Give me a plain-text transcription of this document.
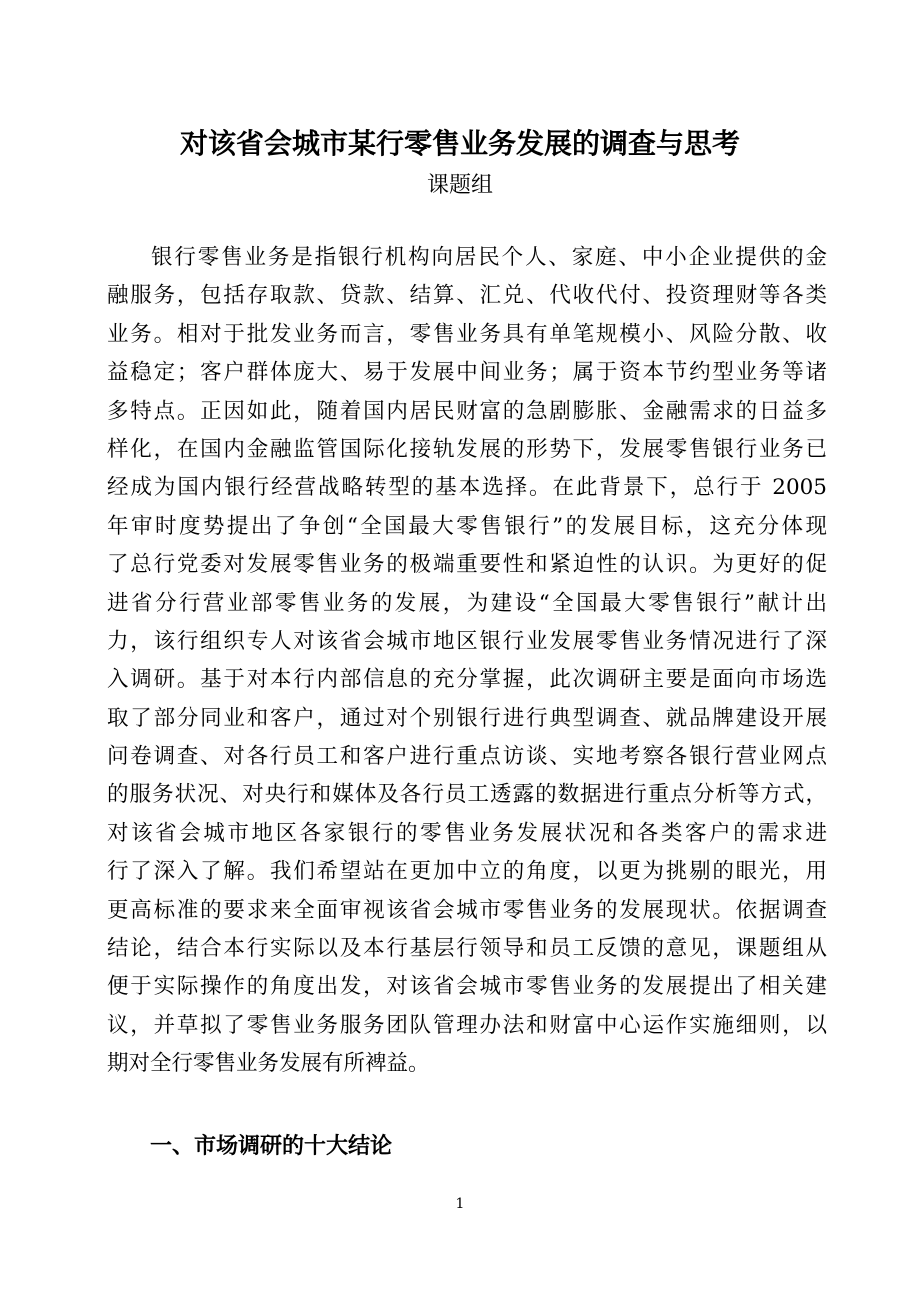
对该省会城市某行零售业务发展的调查与思考
课题组
银行零售业务是指银行机构向居民个人、家庭、中小企业提供的金
融服务，包括存取款、贷款、结算、汇兑、代收代付、投资理财等各类
业务。相对于批发业务而言，零售业务具有单笔规模小、风险分散、收
益稳定；客户群体庞大、易于发展中间业务；属于资本节约型业务等诸
多特点。正因如此，随着国内居民财富的急剧膨胀、金融需求的日益多
样化，在国内金融监管国际化接轨发展的形势下，发展零售银行业务已
经成为国内银行经营战略转型的基本选择。在此背景下，总行于 2005
年审时度势提出了争创“全国最大零售银行”的发展目标，这充分体现
了总行党委对发展零售业务的极端重要性和紧迫性的认识。为更好的促
进省分行营业部零售业务的发展，为建设“全国最大零售银行”献计出
力，该行组织专人对该省会城市地区银行业发展零售业务情况进行了深
入调研。基于对本行内部信息的充分掌握，此次调研主要是面向市场选
取了部分同业和客户，通过对个别银行进行典型调查、就品牌建设开展
问卷调查、对各行员工和客户进行重点访谈、实地考察各银行营业网点
的服务状况、对央行和媒体及各行员工透露的数据进行重点分析等方式，
对该省会城市地区各家银行的零售业务发展状况和各类客户的需求进
行了深入了解。我们希望站在更加中立的角度，以更为挑剔的眼光，用
更高标准的要求来全面审视该省会城市零售业务的发展现状。依据调查
结论，结合本行实际以及本行基层行领导和员工反馈的意见，课题组从
便于实际操作的角度出发，对该省会城市零售业务的发展提出了相关建
议，并草拟了零售业务服务团队管理办法和财富中心运作实施细则，以
期对全行零售业务发展有所裨益。
一、市场调研的十大结论
1
